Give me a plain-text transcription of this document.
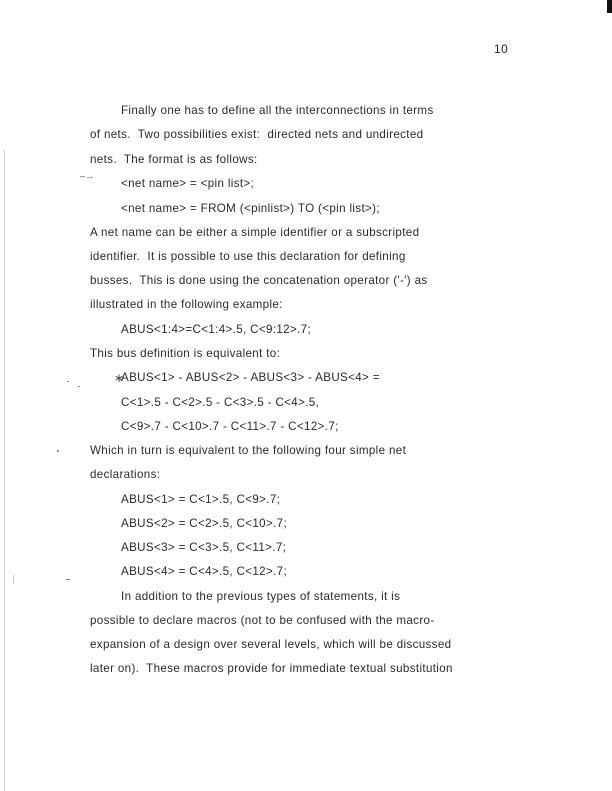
10
Finally one has to define all the interconnections in terms
of nets.  Two possibilities exist:  directed nets and undirected
nets.  The format is as follows:
–→
<net name> = <pin list>;
<net name> = FROM (<pinlist>) TO (<pin list>);
A net name can be either a simple identifier or a subscripted
identifier.  It is possible to use this declaration for defining
busses.  This is done using the concatenation operator ('-') as
illustrated in the following example:
ABUS<1:4>=C<1:4>.5, C<9:12>.7;
This bus definition is equivalent to:
∗
ABUS<1> - ABUS<2> - ABUS<3> - ABUS<4> =
C<1>.5 - C<2>.5 - C<3>.5 - C<4>.5,
C<9>.7 - C<10>.7 - C<11>.7 - C<12>.7;
Which in turn is equivalent to the following four simple net
declarations:
ABUS<1> = C<1>.5, C<9>.7;
ABUS<2> = C<2>.5, C<10>.7;
ABUS<3> = C<3>.5, C<11>.7;
ABUS<4> = C<4>.5, C<12>.7;
In addition to the previous types of statements, it is
possible to declare macros (not to be confused with the macro-
expansion of a design over several levels, which will be discussed
later on).  These macros provide for immediate textual substitution
